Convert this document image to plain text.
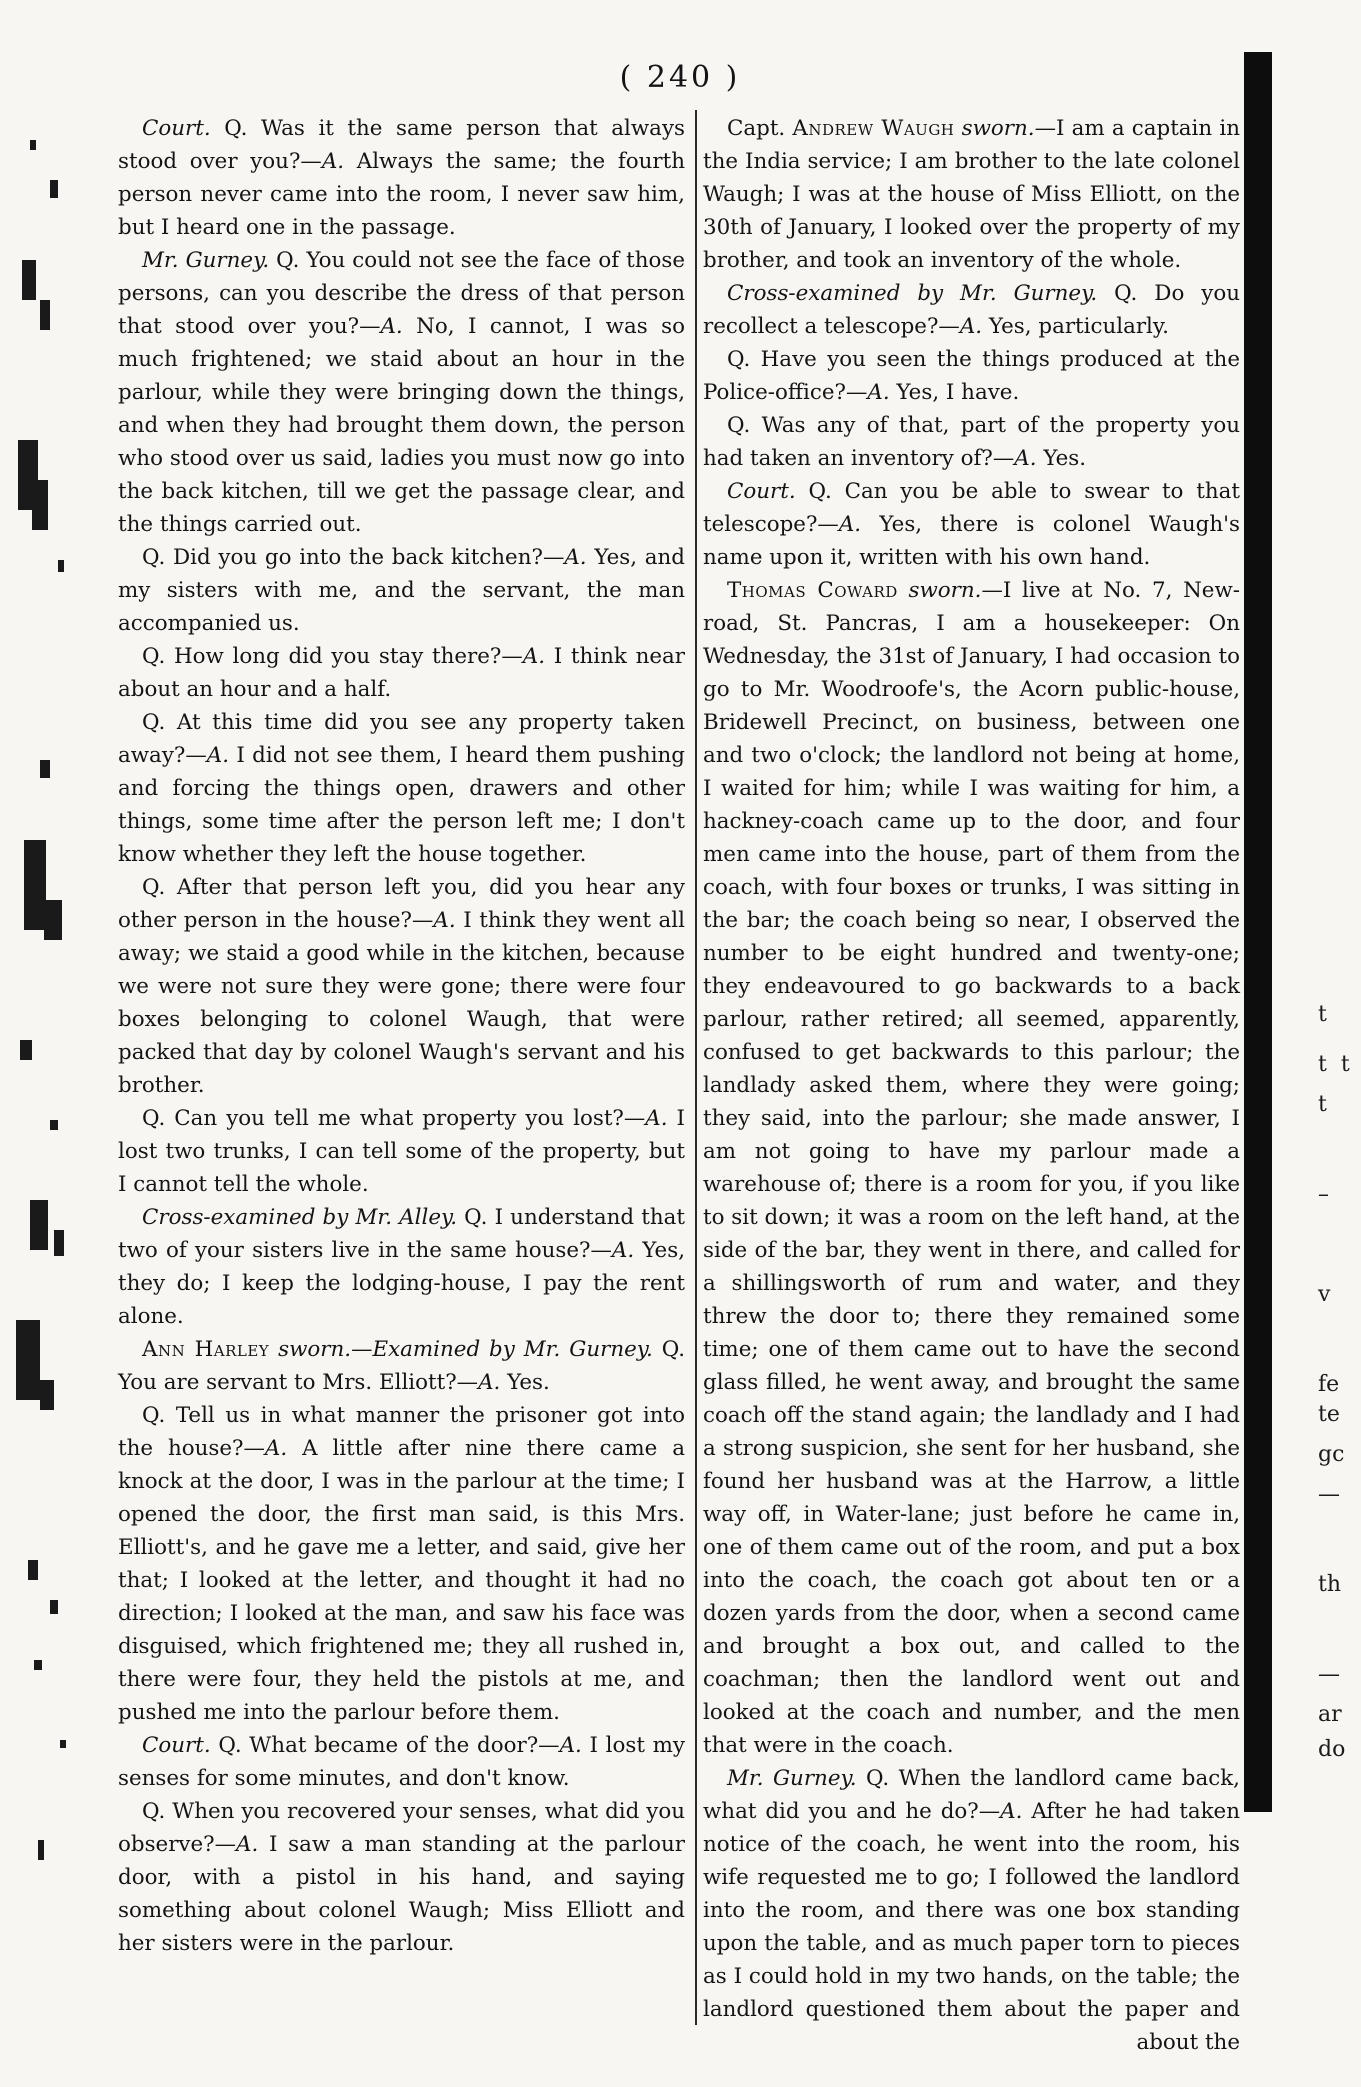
( 240 )

Court. Q. Was it the same person that always stood over you?—A. Always the same; the fourth person never came into the room, I never saw him, but I heard one in the passage.

Mr. Gurney. Q. You could not see the face of those persons, can you describe the dress of that person that stood over you?—A. No, I cannot, I was so much frightened; we staid about an hour in the parlour, while they were bringing down the things, and when they had brought them down, the person who stood over us said, ladies you must now go into the back kitchen, till we get the passage clear, and the things carried out.

Q. Did you go into the back kitchen?—A. Yes, and my sisters with me, and the servant, the man accompanied us.

Q. How long did you stay there?—A. I think near about an hour and a half.

Q. At this time did you see any property taken away?—A. I did not see them, I heard them pushing and forcing the things open, drawers and other things, some time after the person left me; I don't know whether they left the house together.

Q. After that person left you, did you hear any other person in the house?—A. I think they went all away; we staid a good while in the kitchen, because we were not sure they were gone; there were four boxes belonging to colonel Waugh, that were packed that day by colonel Waugh's servant and his brother.

Q. Can you tell me what property you lost?—A. I lost two trunks, I can tell some of the property, but I cannot tell the whole.

Cross-examined by Mr. Alley. Q. I understand that two of your sisters live in the same house?—A. Yes, they do; I keep the lodging-house, I pay the rent alone.

Ann Harley sworn.—Examined by Mr. Gurney. Q. You are servant to Mrs. Elliott?—A. Yes.

Q. Tell us in what manner the prisoner got into the house?—A. A little after nine there came a knock at the door, I was in the parlour at the time; I opened the door, the first man said, is this Mrs. Elliott's, and he gave me a letter, and said, give her that; I looked at the letter, and thought it had no direction; I looked at the man, and saw his face was disguised, which frightened me; they all rushed in, there were four, they held the pistols at me, and pushed me into the parlour before them.

Court. Q. What became of the door?—A. I lost my senses for some minutes, and don't know.

Q. When you recovered your senses, what did you observe?—A. I saw a man standing at the parlour door, with a pistol in his hand, and saying something about colonel Waugh; Miss Elliott and her sisters were in the parlour.

Capt. Andrew Waugh sworn.—I am a captain in the India service; I am brother to the late colonel Waugh; I was at the house of Miss Elliott, on the 30th of January, I looked over the property of my brother, and took an inventory of the whole.

Cross-examined by Mr. Gurney. Q. Do you recollect a telescope?—A. Yes, particularly.

Q. Have you seen the things produced at the Police-office?—A. Yes, I have.

Q. Was any of that, part of the property you had taken an inventory of?—A. Yes.

Court. Q. Can you be able to swear to that telescope?—A. Yes, there is colonel Waugh's name upon it, written with his own hand.

Thomas Coward sworn.—I live at No. 7, New-road, St. Pancras, I am a housekeeper: On Wednesday, the 31st of January, I had occasion to go to Mr. Woodroofe's, the Acorn public-house, Bridewell Precinct, on business, between one and two o'clock; the landlord not being at home, I waited for him; while I was waiting for him, a hackney-coach came up to the door, and four men came into the house, part of them from the coach, with four boxes or trunks, I was sitting in the bar; the coach being so near, I observed the number to be eight hundred and twenty-one; they endeavoured to go backwards to a back parlour, rather retired; all seemed, apparently, confused to get backwards to this parlour; the landlady asked them, where they were going; they said, into the parlour; she made answer, I am not going to have my parlour made a warehouse of; there is a room for you, if you like to sit down; it was a room on the left hand, at the side of the bar, they went in there, and called for a shillingsworth of rum and water, and they threw the door to; there they remained some time; one of them came out to have the second glass filled, he went away, and brought the same coach off the stand again; the landlady and I had a strong suspicion, she sent for her husband, she found her husband was at the Harrow, a little way off, in Water-lane; just before he came in, one of them came out of the room, and put a box into the coach, the coach got about ten or a dozen yards from the door, when a second came and brought a box out, and called to the coachman; then the landlord went out and looked at the coach and number, and the men that were in the coach.

Mr. Gurney. Q. When the landlord came back, what did you and he do?—A. After he had taken notice of the coach, he went into the room, his wife requested me to go; I followed the landlord into the room, and there was one box standing upon the table, and as much paper torn to pieces as I could hold in my two hands, on the table; the landlord questioned them about the paper and about the

t
t  t
t
–
v
fe
te
gc
—
th
—
ar
do
